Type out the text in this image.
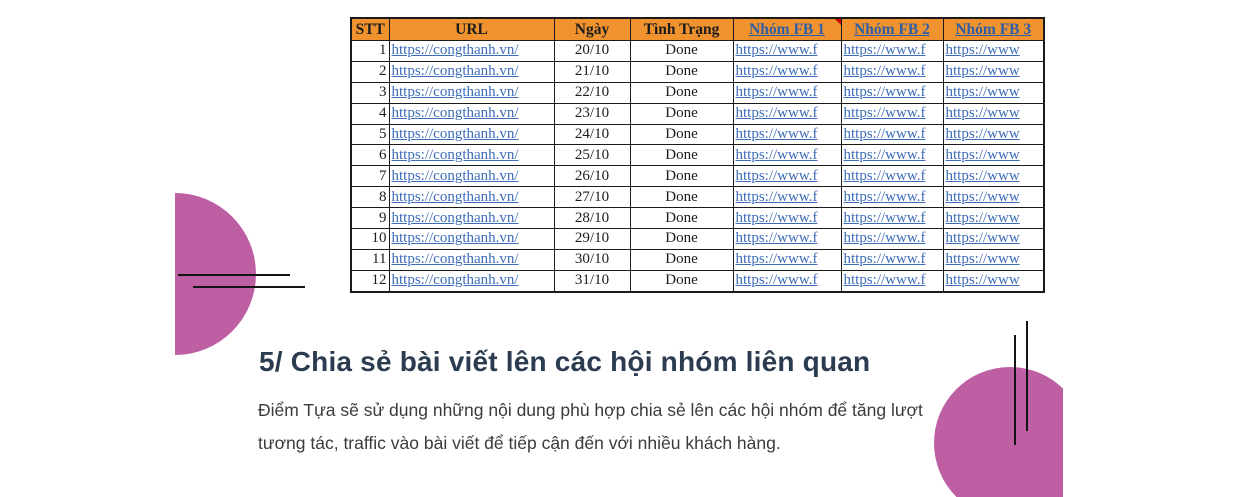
STT	URL	Ngày	Tình Trạng	Nhóm FB 1	Nhóm FB 2	Nhóm FB 3
1	https://congthanh.vn/	20/10	Done	https://www.f	https://www.f	https://www
2	https://congthanh.vn/	21/10	Done	https://www.f	https://www.f	https://www
3	https://congthanh.vn/	22/10	Done	https://www.f	https://www.f	https://www
4	https://congthanh.vn/	23/10	Done	https://www.f	https://www.f	https://www
5	https://congthanh.vn/	24/10	Done	https://www.f	https://www.f	https://www
6	https://congthanh.vn/	25/10	Done	https://www.f	https://www.f	https://www
7	https://congthanh.vn/	26/10	Done	https://www.f	https://www.f	https://www
8	https://congthanh.vn/	27/10	Done	https://www.f	https://www.f	https://www
9	https://congthanh.vn/	28/10	Done	https://www.f	https://www.f	https://www
10	https://congthanh.vn/	29/10	Done	https://www.f	https://www.f	https://www
11	https://congthanh.vn/	30/10	Done	https://www.f	https://www.f	https://www
12	https://congthanh.vn/	31/10	Done	https://www.f	https://www.f	https://www
5/ Chia sẻ bài viết lên các hội nhóm liên quan
Điểm Tựa sẽ sử dụng những nội dung phù hợp chia sẻ lên các hội nhóm để tăng lượt
tương tác, traffic vào bài viết để tiếp cận đến với nhiều khách hàng.
